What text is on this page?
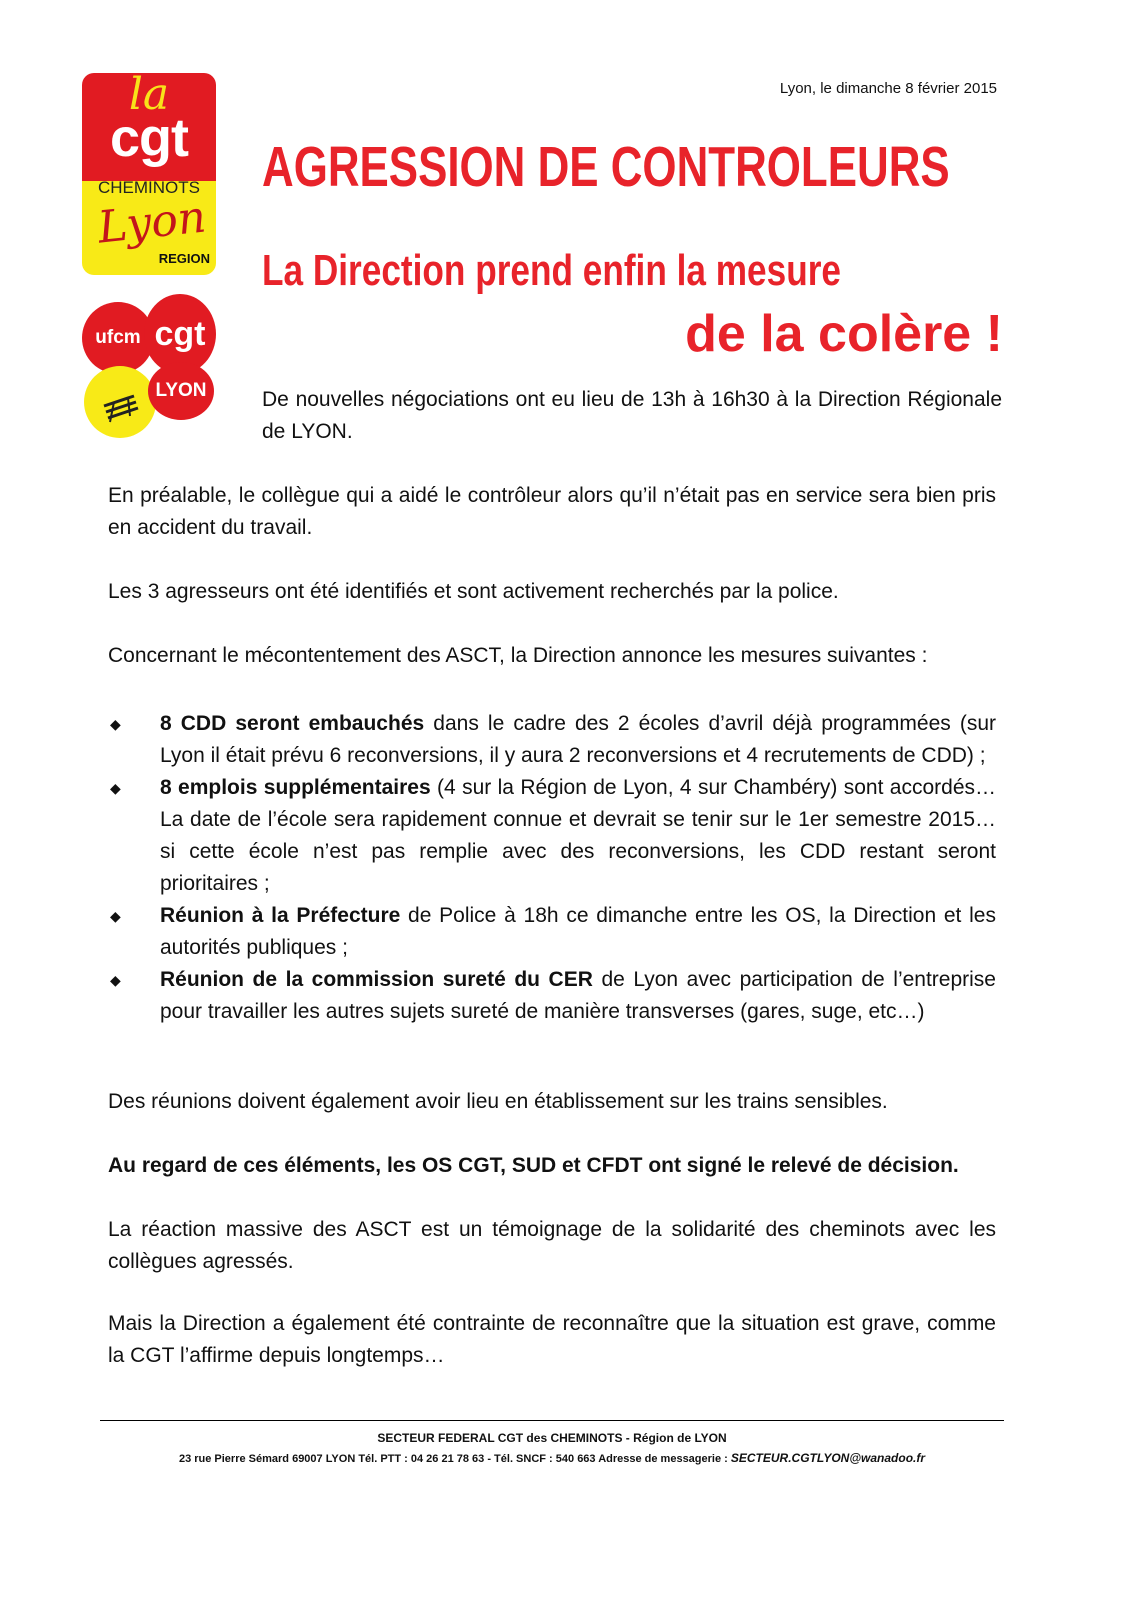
la
cgt
CHEMINOTS
Lyon
REGION
ufcm cgt
LYON
Lyon, le dimanche 8 février 2015
AGRESSION DE CONTROLEURS
La Direction prend enfin la mesure
de la colère !

De nouvelles négociations ont eu lieu de 13h à 16h30 à la Direction Régionale de LYON.

En préalable, le collègue qui a aidé le contrôleur alors qu’il n’était pas en service sera bien pris en accident du travail.

Les 3 agresseurs ont été identifiés et sont activement recherchés par la police.

Concernant le mécontentement des ASCT, la Direction annonce les mesures suivantes :

◆ 8 CDD seront embauchés dans le cadre des 2 écoles d’avril déjà programmées (sur Lyon il était prévu 6 reconversions, il y aura 2 reconversions et 4 recrutements de CDD) ;
◆ 8 emplois supplémentaires (4 sur la Région de Lyon, 4 sur Chambéry) sont accordés… La date de l’école sera rapidement connue et devrait se tenir sur le 1er semestre 2015… si cette école n’est pas remplie avec des reconversions, les CDD restant seront prioritaires ;
◆ Réunion à la Préfecture de Police à 18h ce dimanche entre les OS, la Direction et les autorités publiques ;
◆ Réunion de la commission sureté du CER de Lyon avec participation de l’entreprise pour travailler les autres sujets sureté de manière transverses (gares, suge, etc…)

Des réunions doivent également avoir lieu en établissement sur les trains sensibles.

Au regard de ces éléments, les OS CGT, SUD et CFDT ont signé le relevé de décision.

La réaction massive des ASCT est un témoignage de la solidarité des cheminots avec les collègues agressés.

Mais la Direction a également été contrainte de reconnaître que la situation est grave, comme la CGT l’affirme depuis longtemps…

SECTEUR FEDERAL CGT des CHEMINOTS - Région de LYON
23 rue Pierre Sémard 69007 LYON Tél. PTT : 04 26 21 78 63 - Tél. SNCF : 540 663 Adresse de messagerie : SECTEUR.CGTLYON@wanadoo.fr
